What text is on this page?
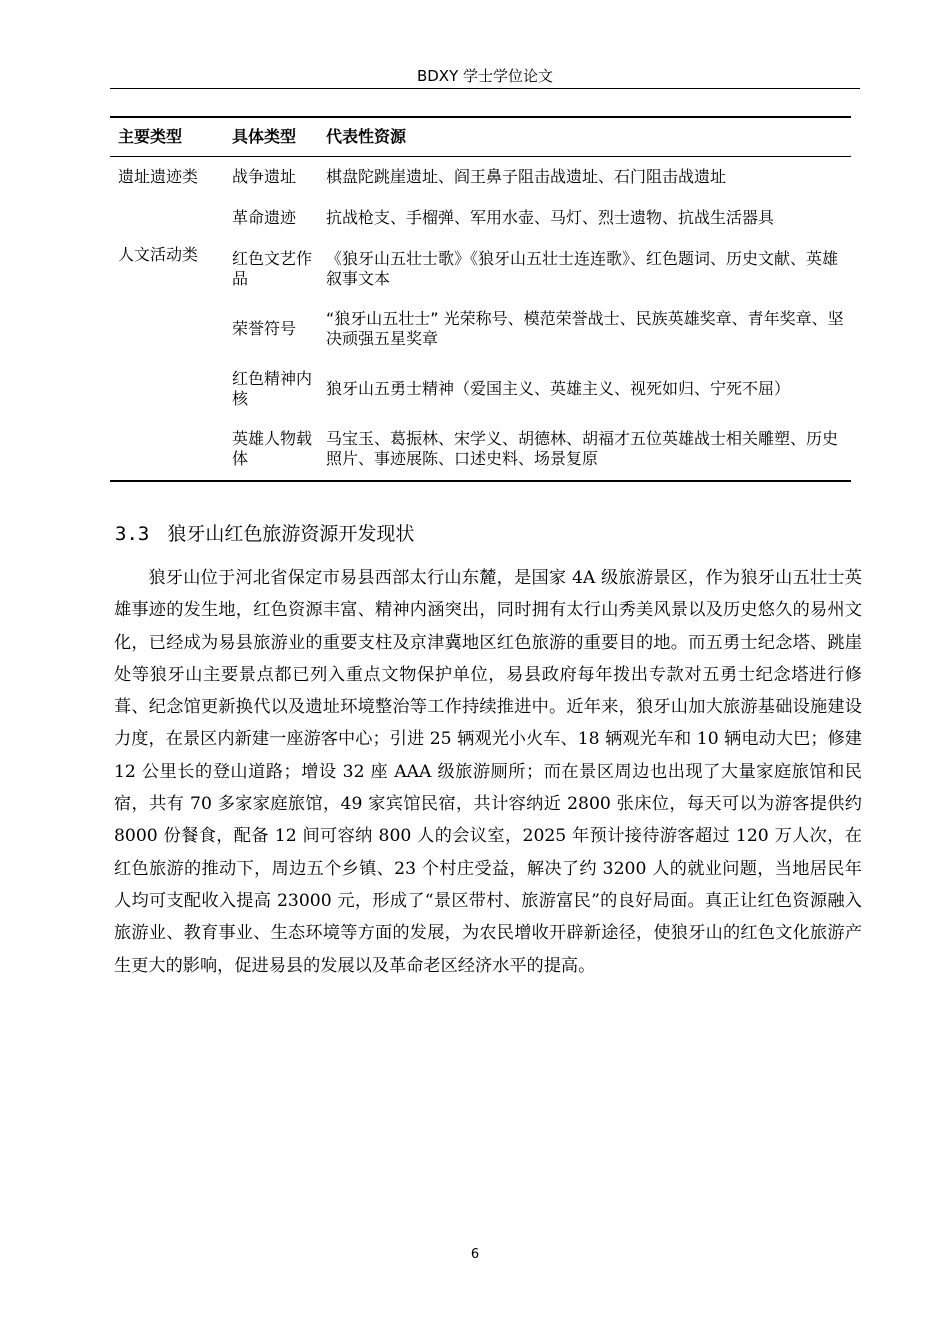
BDXY 学士学位论文
主要类型	具体类型	代表性资源
遗址遗迹类	战争遗址	棋盘陀跳崖遗址、阎王鼻子阻击战遗址、石门阻击战遗址
	革命遗迹	抗战枪支、手榴弹、军用水壶、马灯、烈士遗物、抗战生活器具
人文活动类	红色文艺作品	《狼牙山五壮士歌》《狼牙山五壮士连连歌》、红色题词、历史文献、英雄叙事文本
	荣誉符号	“狼牙山五壮士” 光荣称号、模范荣誉战士、民族英雄奖章、青年奖章、坚决顽强五星奖章
	红色精神内核	狼牙山五勇士精神（爱国主义、英雄主义、视死如归、宁死不屈）
	英雄人物载体	马宝玉、葛振林、宋学义、胡德林、胡福才五位英雄战士相关雕塑、历史照片、事迹展陈、口述史料、场景复原
3.3 狼牙山红色旅游资源开发现状

狼牙山位于河北省保定市易县西部太行山东麓，是国家 4A 级旅游景区，作为狼牙山五壮士英雄事迹的发生地，红色资源丰富、精神内涵突出，同时拥有太行山秀美风景以及历史悠久的易州文化，已经成为易县旅游业的重要支柱及京津冀地区红色旅游的重要目的地。而五勇士纪念塔、跳崖处等狼牙山主要景点都已列入重点文物保护单位，易县政府每年拨出专款对五勇士纪念塔进行修葺、纪念馆更新换代以及遗址环境整治等工作持续推进中。近年来，狼牙山加大旅游基础设施建设力度，在景区内新建一座游客中心；引进 25 辆观光小火车、18 辆观光车和 10 辆电动大巴；修建 12 公里长的登山道路；增设 32 座 AAA 级旅游厕所；而在景区周边也出现了大量家庭旅馆和民宿，共有 70 多家家庭旅馆，49 家宾馆民宿，共计容纳近 2800 张床位，每天可以为游客提供约 8000 份餐食，配备 12 间可容纳 800 人的会议室，2025 年预计接待游客超过 120 万人次，在红色旅游的推动下，周边五个乡镇、23 个村庄受益，解决了约 3200 人的就业问题，当地居民年人均可支配收入提高 23000 元，形成了“景区带村、旅游富民”的良好局面。真正让红色资源融入旅游业、教育事业、生态环境等方面的发展，为农民增收开辟新途径，使狼牙山的红色文化旅游产生更大的影响，促进易县的发展以及革命老区经济水平的提高。

6
